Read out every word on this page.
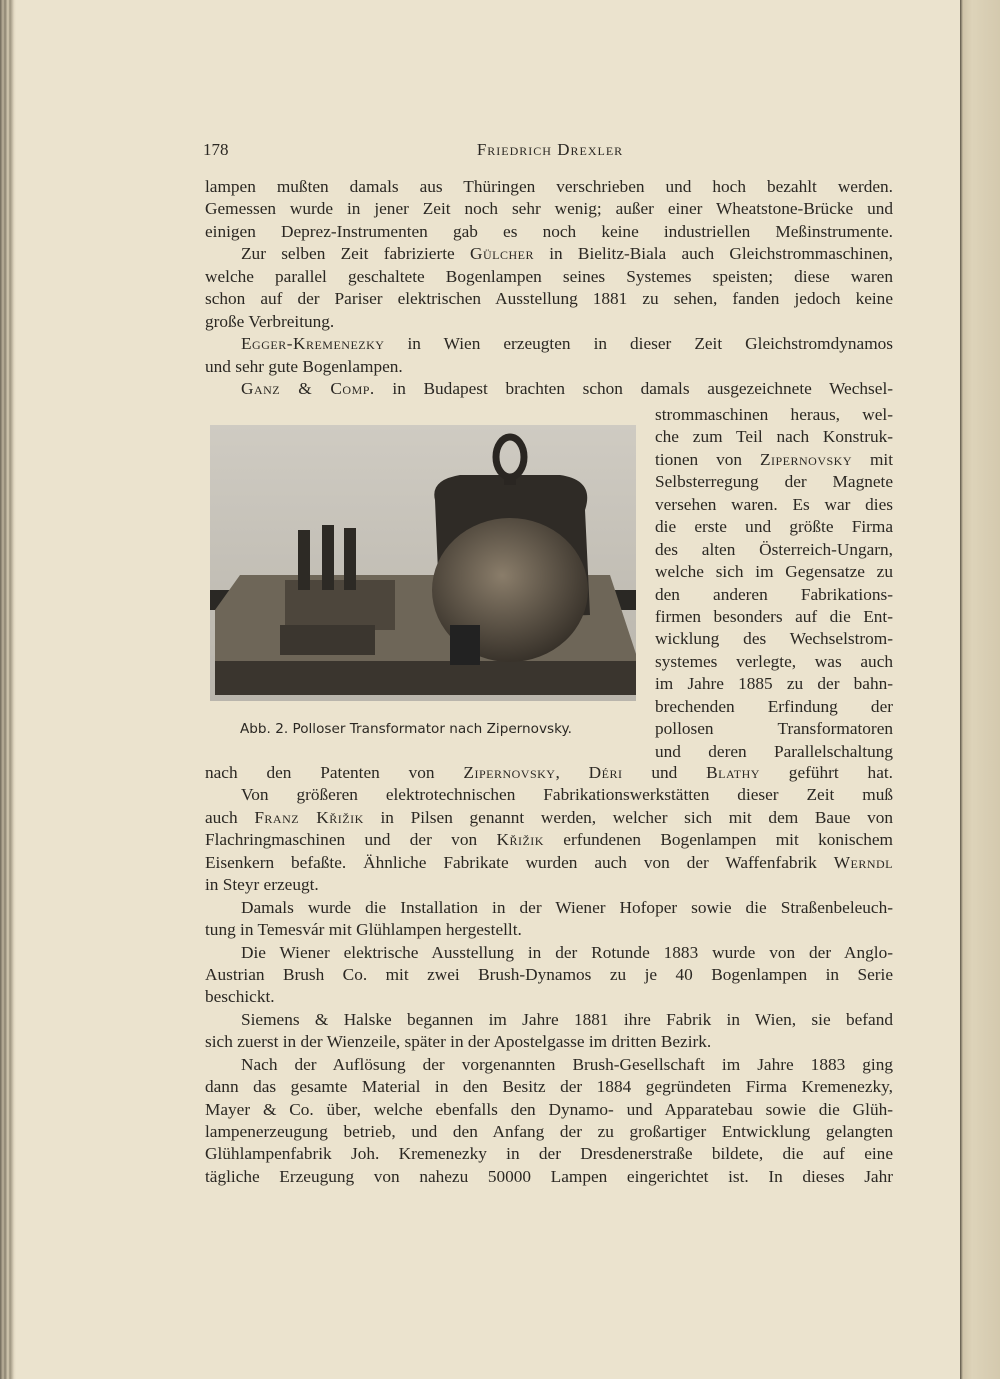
178	Friedrich Drexler
lampen mußten damals aus Thüringen verschrieben und hoch bezahlt werden.
Gemessen wurde in jener Zeit noch sehr wenig; außer einer Wheatstone-Brücke und
einigen Deprez-Instrumenten gab es noch keine industriellen Meßinstrumente.
Zur selben Zeit fabrizierte Gülcher in Bielitz-Biala auch Gleichstrommaschinen,
welche parallel geschaltete Bogenlampen seines Systemes speisten; diese waren
schon auf der Pariser elektrischen Ausstellung 1881 zu sehen, fanden jedoch keine
große Verbreitung.
Egger-Kremenezky in Wien erzeugten in dieser Zeit Gleichstromdynamos
und sehr gute Bogenlampen.
Ganz & Comp. in Budapest brachten schon damals ausgezeichnete Wechsel-
Abb. 2. Polloser Transformator nach Zipernovsky.
strommaschinen heraus, wel-
che zum Teil nach Konstruk-
tionen von Zipernovsky mit
Selbsterregung der Magnete
versehen waren. Es war dies
die erste und größte Firma
des alten Österreich-Ungarn,
welche sich im Gegensatze zu
den anderen Fabrikations-
firmen besonders auf die Ent-
wicklung des Wechselstrom-
systemes verlegte, was auch
im Jahre 1885 zu der bahn-
brechenden Erfindung der
pollosen Transformatoren
und deren Parallelschaltung
nach den Patenten von Zipernovsky, Déri und Blathy geführt hat.
Von größeren elektrotechnischen Fabrikationswerkstätten dieser Zeit muß
auch Franz Křižik in Pilsen genannt werden, welcher sich mit dem Baue von
Flachringmaschinen und der von Křižik erfundenen Bogenlampen mit konischem
Eisenkern befaßte. Ähnliche Fabrikate wurden auch von der Waffenfabrik Werndl
in Steyr erzeugt.
Damals wurde die Installation in der Wiener Hofoper sowie die Straßenbeleuch-
tung in Temesvár mit Glühlampen hergestellt.
Die Wiener elektrische Ausstellung in der Rotunde 1883 wurde von der Anglo-
Austrian Brush Co. mit zwei Brush-Dynamos zu je 40 Bogenlampen in Serie
beschickt.
Siemens & Halske begannen im Jahre 1881 ihre Fabrik in Wien, sie befand
sich zuerst in der Wienzeile, später in der Apostelgasse im dritten Bezirk.
Nach der Auflösung der vorgenannten Brush-Gesellschaft im Jahre 1883 ging
dann das gesamte Material in den Besitz der 1884 gegründeten Firma Kremenezky,
Mayer & Co. über, welche ebenfalls den Dynamo- und Apparatebau sowie die Glüh-
lampenerzeugung betrieb, und den Anfang der zu großartiger Entwicklung gelangten
Glühlampenfabrik Joh. Kremenezky in der Dresdenerstraße bildete, die auf eine
tägliche Erzeugung von nahezu 50000 Lampen eingerichtet ist. In dieses Jahr
